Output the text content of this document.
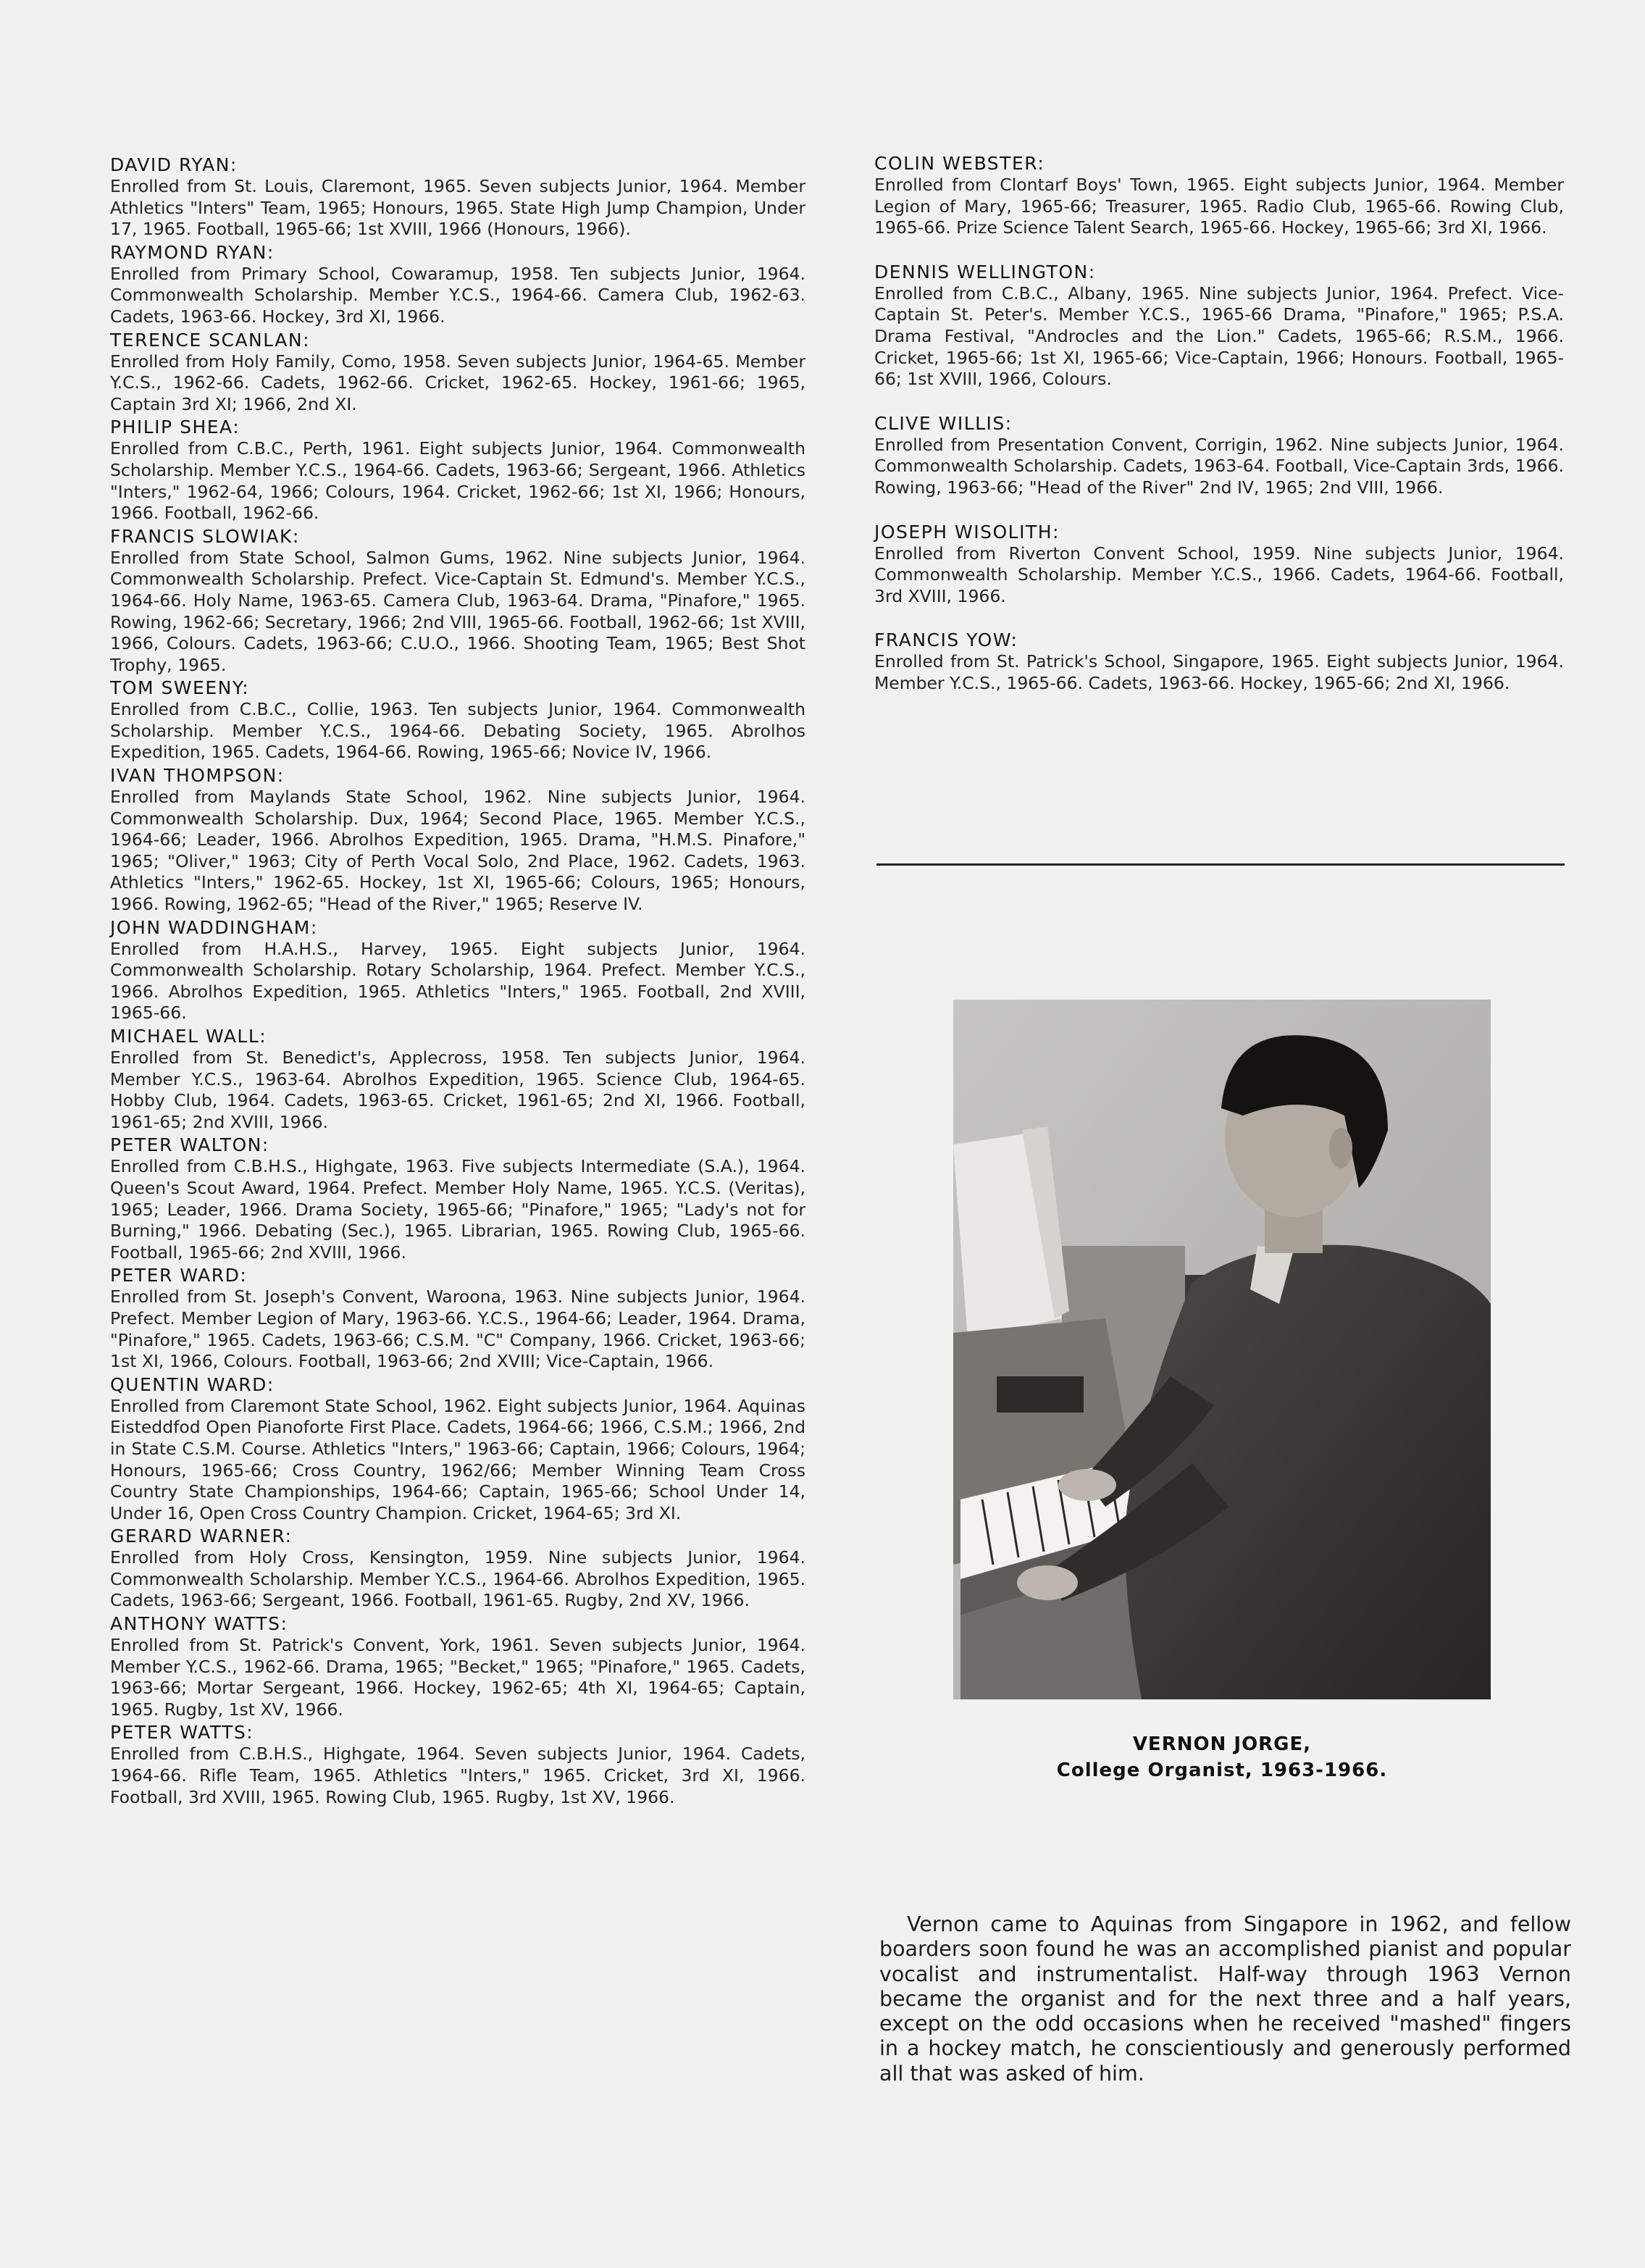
DAVID RYAN:
Enrolled from St. Louis, Claremont, 1965. Seven subjects Junior, 1964. Member Athletics "Inters" Team, 1965; Honours, 1965. State High Jump Champion, Under 17, 1965. Football, 1965-66; 1st XVIII, 1966 (Honours, 1966).
RAYMOND RYAN:
Enrolled from Primary School, Cowaramup, 1958. Ten subjects Junior, 1964. Commonwealth Scholarship. Member Y.C.S., 1964-66. Camera Club, 1962-63. Cadets, 1963-66. Hockey, 3rd XI, 1966.
TERENCE SCANLAN:
Enrolled from Holy Family, Como, 1958. Seven subjects Junior, 1964-65. Member Y.C.S., 1962-66. Cadets, 1962-66. Cricket, 1962-65. Hockey, 1961-66; 1965, Captain 3rd XI; 1966, 2nd XI.
PHILIP SHEA:
Enrolled from C.B.C., Perth, 1961. Eight subjects Junior, 1964. Commonwealth Scholarship. Member Y.C.S., 1964-66. Cadets, 1963-66; Sergeant, 1966. Athletics "Inters," 1962-64, 1966; Colours, 1964. Cricket, 1962-66; 1st XI, 1966; Honours, 1966. Football, 1962-66.
FRANCIS SLOWIAK:
Enrolled from State School, Salmon Gums, 1962. Nine subjects Junior, 1964. Commonwealth Scholarship. Prefect. Vice-Captain St. Edmund's. Member Y.C.S., 1964-66. Holy Name, 1963-65. Camera Club, 1963-64. Drama, "Pinafore," 1965. Rowing, 1962-66; Secretary, 1966; 2nd VIII, 1965-66. Football, 1962-66; 1st XVIII, 1966, Colours. Cadets, 1963-66; C.U.O., 1966. Shooting Team, 1965; Best Shot Trophy, 1965.
TOM SWEENY:
Enrolled from C.B.C., Collie, 1963. Ten subjects Junior, 1964. Commonwealth Scholarship. Member Y.C.S., 1964-66. Debating Society, 1965. Abrolhos Expedition, 1965. Cadets, 1964-66. Rowing, 1965-66; Novice IV, 1966.
IVAN THOMPSON:
Enrolled from Maylands State School, 1962. Nine subjects Junior, 1964. Commonwealth Scholarship. Dux, 1964; Second Place, 1965. Member Y.C.S., 1964-66; Leader, 1966. Abrolhos Expedition, 1965. Drama, "H.M.S. Pinafore," 1965; "Oliver," 1963; City of Perth Vocal Solo, 2nd Place, 1962. Cadets, 1963. Athletics "Inters," 1962-65. Hockey, 1st XI, 1965-66; Colours, 1965; Honours, 1966. Rowing, 1962-65; "Head of the River," 1965; Reserve IV.
JOHN WADDINGHAM:
Enrolled from H.A.H.S., Harvey, 1965. Eight subjects Junior, 1964. Commonwealth Scholarship. Rotary Scholarship, 1964. Prefect. Member Y.C.S., 1966. Abrolhos Expedition, 1965. Athletics "Inters," 1965. Football, 2nd XVIII, 1965-66.
MICHAEL WALL:
Enrolled from St. Benedict's, Applecross, 1958. Ten subjects Junior, 1964. Member Y.C.S., 1963-64. Abrolhos Expedition, 1965. Science Club, 1964-65. Hobby Club, 1964. Cadets, 1963-65. Cricket, 1961-65; 2nd XI, 1966. Football, 1961-65; 2nd XVIII, 1966.
PETER WALTON:
Enrolled from C.B.H.S., Highgate, 1963. Five subjects Intermediate (S.A.), 1964. Queen's Scout Award, 1964. Prefect. Member Holy Name, 1965. Y.C.S. (Veritas), 1965; Leader, 1966. Drama Society, 1965-66; "Pinafore," 1965; "Lady's not for Burning," 1966. Debating (Sec.), 1965. Librarian, 1965. Rowing Club, 1965-66. Football, 1965-66; 2nd XVIII, 1966.
PETER WARD:
Enrolled from St. Joseph's Convent, Waroona, 1963. Nine subjects Junior, 1964. Prefect. Member Legion of Mary, 1963-66. Y.C.S., 1964-66; Leader, 1964. Drama, "Pinafore," 1965. Cadets, 1963-66; C.S.M. "C" Company, 1966. Cricket, 1963-66; 1st XI, 1966, Colours. Football, 1963-66; 2nd XVIII; Vice-Captain, 1966.
QUENTIN WARD:
Enrolled from Claremont State School, 1962. Eight subjects Junior, 1964. Aquinas Eisteddfod Open Pianoforte First Place. Cadets, 1964-66; 1966, C.S.M.; 1966, 2nd in State C.S.M. Course. Athletics "Inters," 1963-66; Captain, 1966; Colours, 1964; Honours, 1965-66; Cross Country, 1962/66; Member Winning Team Cross Country State Championships, 1964-66; Captain, 1965-66; School Under 14, Under 16, Open Cross Country Champion. Cricket, 1964-65; 3rd XI.
GERARD WARNER:
Enrolled from Holy Cross, Kensington, 1959. Nine subjects Junior, 1964. Commonwealth Scholarship. Member Y.C.S., 1964-66. Abrolhos Expedition, 1965. Cadets, 1963-66; Sergeant, 1966. Football, 1961-65. Rugby, 2nd XV, 1966.
ANTHONY WATTS:
Enrolled from St. Patrick's Convent, York, 1961. Seven subjects Junior, 1964. Member Y.C.S., 1962-66. Drama, 1965; "Becket," 1965; "Pinafore," 1965. Cadets, 1963-66; Mortar Sergeant, 1966. Hockey, 1962-65; 4th XI, 1964-65; Captain, 1965. Rugby, 1st XV, 1966.
PETER WATTS:
Enrolled from C.B.H.S., Highgate, 1964. Seven subjects Junior, 1964. Cadets, 1964-66. Rifle Team, 1965. Athletics "Inters," 1965. Cricket, 3rd XI, 1966. Football, 3rd XVIII, 1965. Rowing Club, 1965. Rugby, 1st XV, 1966.
COLIN WEBSTER:
Enrolled from Clontarf Boys' Town, 1965. Eight subjects Junior, 1964. Member Legion of Mary, 1965-66; Treasurer, 1965. Radio Club, 1965-66. Rowing Club, 1965-66. Prize Science Talent Search, 1965-66. Hockey, 1965-66; 3rd XI, 1966.
DENNIS WELLINGTON:
Enrolled from C.B.C., Albany, 1965. Nine subjects Junior, 1964. Prefect. Vice-Captain St. Peter's. Member Y.C.S., 1965-66 Drama, "Pinafore," 1965; P.S.A. Drama Festival, "Androcles and the Lion." Cadets, 1965-66; R.S.M., 1966. Cricket, 1965-66; 1st XI, 1965-66; Vice-Captain, 1966; Honours. Football, 1965-66; 1st XVIII, 1966, Colours.
CLIVE WILLIS:
Enrolled from Presentation Convent, Corrigin, 1962. Nine subjects Junior, 1964. Commonwealth Scholarship. Cadets, 1963-64. Football, Vice-Captain 3rds, 1966. Rowing, 1963-66; "Head of the River" 2nd IV, 1965; 2nd VIII, 1966.
JOSEPH WISOLITH:
Enrolled from Riverton Convent School, 1959. Nine subjects Junior, 1964. Commonwealth Scholarship. Member Y.C.S., 1966. Cadets, 1964-66. Football, 3rd XVIII, 1966.
FRANCIS YOW:
Enrolled from St. Patrick's School, Singapore, 1965. Eight subjects Junior, 1964. Member Y.C.S., 1965-66. Cadets, 1963-66. Hockey, 1965-66; 2nd XI, 1966.
VERNON JORGE,
College Organist, 1963-1966.
Vernon came to Aquinas from Singapore in 1962, and fellow boarders soon found he was an accomplished pianist and popular vocalist and instrumentalist. Half-way through 1963 Vernon became the organist and for the next three and a half years, except on the odd occasions when he received "mashed" fingers in a hockey match, he conscientiously and generously performed all that was asked of him.
